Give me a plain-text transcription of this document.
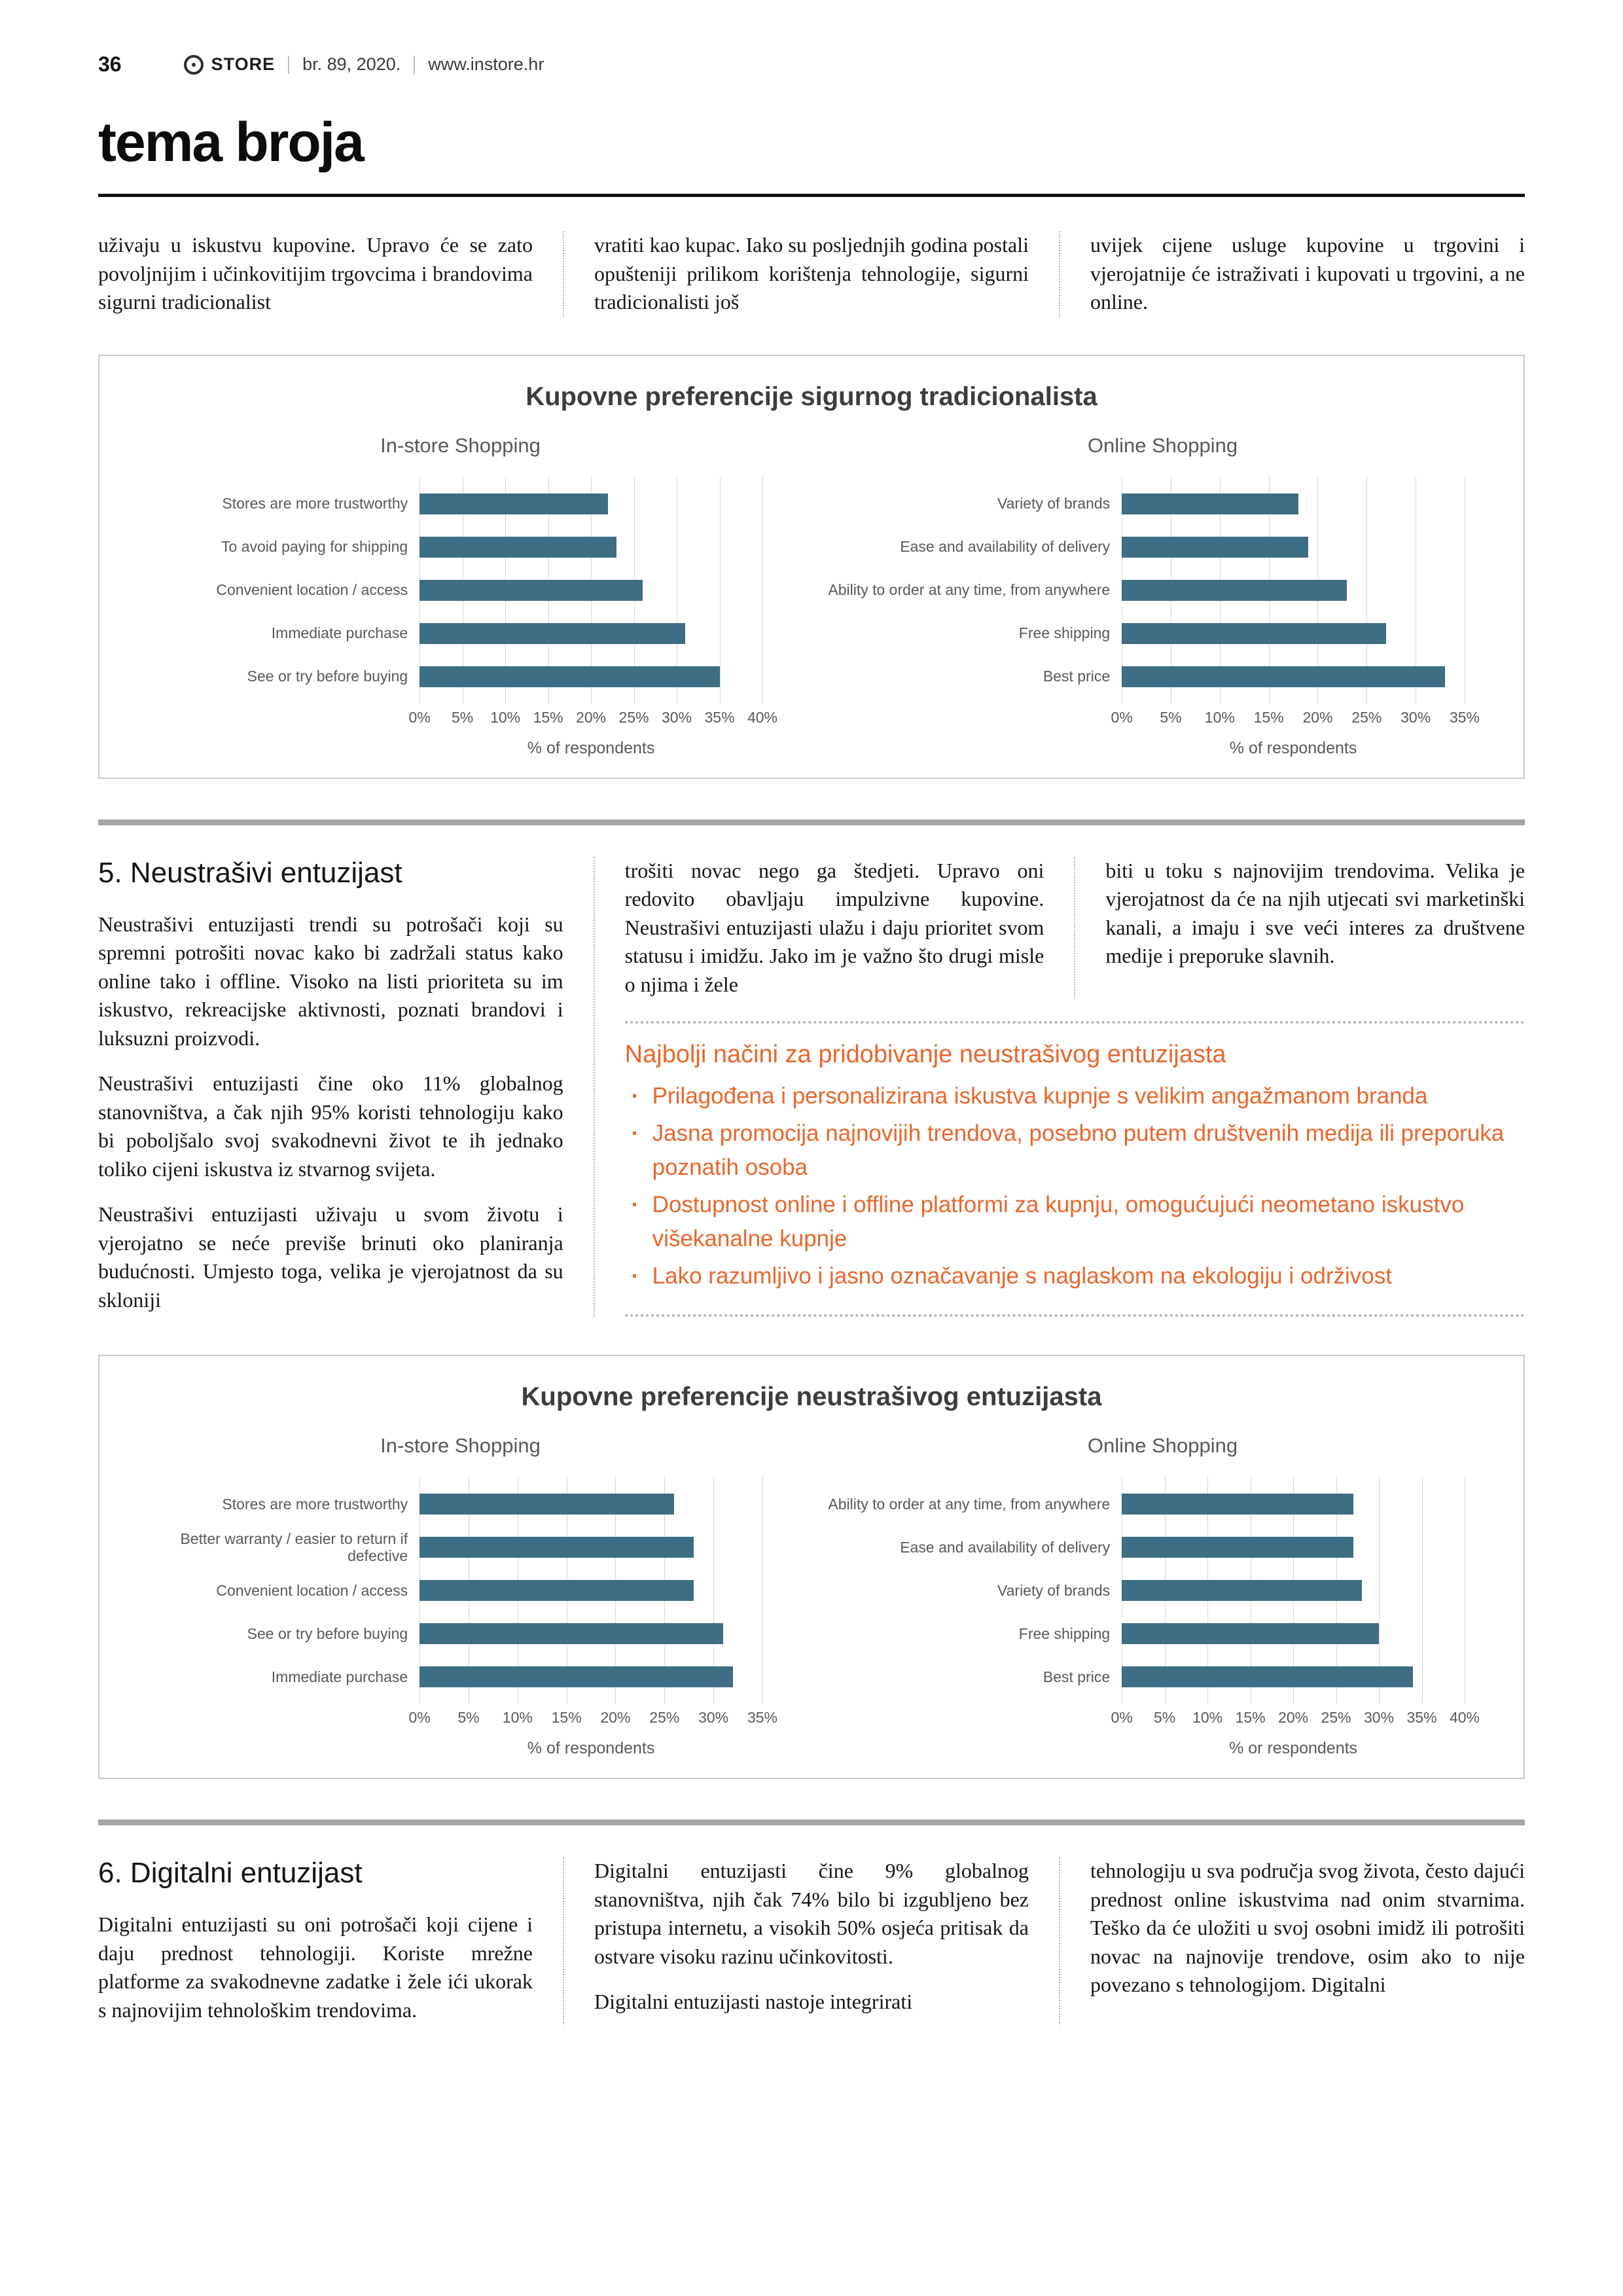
36	STORE br. 89, 2020. www.instore.hr
tema broja

uživaju u iskustvu kupovine. Upravo će se zato povoljnijim i učinkovitijim trgovcima i brandovima sigurni tradicionalist

vratiti kao kupac. Iako su posljednjih godina postali opušteniji prilikom korištenja tehnologije, sigurni tradicionalisti još

uvijek cijene usluge kupovine u trgovini i vjerojatnije će istraživati i kupovati u trgovini, a ne online.

Kupovne preferencije sigurnog tradicionalista
In-store Shopping
Stores are more trustworthy
To avoid paying for shipping
Convenient location / access
Immediate purchase
See or try before buying
0% 5% 10% 15% 20% 25% 30% 35% 40%
% of respondents
Online Shopping
Variety of brands
Ease and availability of delivery
Ability to order at any time, from anywhere
Free shipping
Best price
0% 5% 10% 15% 20% 25% 30% 35%
% of respondents
5. Neustrašivi entuzijast

Neustrašivi entuzijasti trendi su potrošači koji su spremni potrošiti novac kako bi zadržali status kako online tako i offline. Visoko na listi prioriteta su im iskustvo, rekreacijske aktivnosti, poznati brandovi i luksuzni proizvodi.

Neustrašivi entuzijasti čine oko 11% globalnog stanovništva, a čak njih 95% koristi tehnologiju kako bi poboljšalo svoj svakodnevni život te ih jednako toliko cijeni iskustva iz stvarnog svijeta.

Neustrašivi entuzijasti uživaju u svom životu i vjerojatno se neće previše brinuti oko planiranja budućnosti. Umjesto toga, velika je vjerojatnost da su skloniji

trošiti novac nego ga štedjeti. Upravo oni redovito obavljaju impulzivne kupovine. Neustrašivi entuzijasti ulažu i daju prioritet svom statusu i imidžu. Jako im je važno što drugi misle o njima i žele

biti u toku s najnovijim trendovima. Velika je vjerojatnost da će na njih utjecati svi marketinški kanali, a imaju i sve veći interes za društvene medije i preporuke slavnih.

Najbolji načini za pridobivanje neustrašivog entuzijasta
· Prilagođena i personalizirana iskustva kupnje s velikim angažmanom branda
· Jasna promocija najnovijih trendova, posebno putem društvenih medija ili preporuka poznatih osoba
· Dostupnost online i offline platformi za kupnju, omogućujući neometano iskustvo višekanalne kupnje
· Lako razumljivo i jasno označavanje s naglaskom na ekologiju i održivost
Kupovne preferencije neustrašivog entuzijasta
In-store Shopping
Stores are more trustworthy
Better warranty / easier to return if defective
Convenient location / access
See or try before buying
Immediate purchase
0% 5% 10% 15% 20% 25% 30% 35%
% of respondents
Online Shopping
Ability to order at any time, from anywhere
Ease and availability of delivery
Variety of brands
Free shipping
Best price
0% 5% 10% 15% 20% 25% 30% 35% 40%
% or respondents
6. Digitalni entuzijast

Digitalni entuzijasti su oni potrošači koji cijene i daju prednost tehnologiji. Koriste mrežne platforme za svakodnevne zadatke i žele ići ukorak s najnovijim tehnološkim trendovima.

Digitalni entuzijasti čine 9% globalnog stanovništva, njih čak 74% bilo bi izgubljeno bez pristupa internetu, a visokih 50% osjeća pritisak da ostvare visoku razinu učinkovitosti.

Digitalni entuzijasti nastoje integrirati

tehnologiju u sva područja svog života, često dajući prednost online iskustvima nad onim stvarnima. Teško da će uložiti u svoj osobni imidž ili potrošiti novac na najnovije trendove, osim ako to nije povezano s tehnologijom. Digitalni
